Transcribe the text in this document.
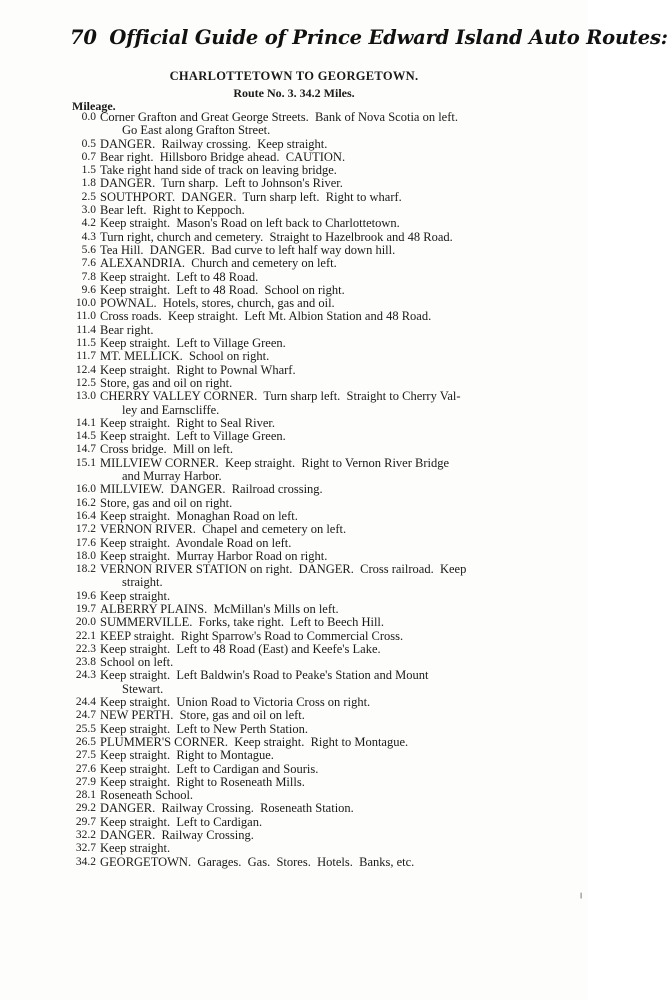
70 Official Guide of Prince Edward Island Auto Routes:
CHARLOTTETOWN TO GEORGETOWN.
Route No. 3. 34.2 Miles.
Mileage.
0.0 Corner Grafton and Great George Streets.  Bank of Nova Scotia on left.
Go East along Grafton Street.
0.5 DANGER.  Railway crossing.  Keep straight.
0.7 Bear right.  Hillsboro Bridge ahead.  CAUTION.
1.5 Take right hand side of track on leaving bridge.
1.8 DANGER.  Turn sharp.  Left to Johnson's River.
2.5 SOUTHPORT.  DANGER.  Turn sharp left.  Right to wharf.
3.0 Bear left.  Right to Keppoch.
4.2 Keep straight.  Mason's Road on left back to Charlottetown.
4.3 Turn right, church and cemetery.  Straight to Hazelbrook and 48 Road.
5.6 Tea Hill.  DANGER.  Bad curve to left half way down hill.
7.6 ALEXANDRIA.  Church and cemetery on left.
7.8 Keep straight.  Left to 48 Road.
9.6 Keep straight.  Left to 48 Road.  School on right.
10.0 POWNAL.  Hotels, stores, church, gas and oil.
11.0 Cross roads.  Keep straight.  Left Mt. Albion Station and 48 Road.
11.4 Bear right.
11.5 Keep straight.  Left to Village Green.
11.7 MT. MELLICK.  School on right.
12.4 Keep straight.  Right to Pownal Wharf.
12.5 Store, gas and oil on right.
13.0 CHERRY VALLEY CORNER.  Turn sharp left.  Straight to Cherry Val-
ley and Earnscliffe.
14.1 Keep straight.  Right to Seal River.
14.5 Keep straight.  Left to Village Green.
14.7 Cross bridge.  Mill on left.
15.1 MILLVIEW CORNER.  Keep straight.  Right to Vernon River Bridge
and Murray Harbor.
16.0 MILLVIEW.  DANGER.  Railroad crossing.
16.2 Store, gas and oil on right.
16.4 Keep straight.  Monaghan Road on left.
17.2 VERNON RIVER.  Chapel and cemetery on left.
17.6 Keep straight.  Avondale Road on left.
18.0 Keep straight.  Murray Harbor Road on right.
18.2 VERNON RIVER STATION on right.  DANGER.  Cross railroad.  Keep
straight.
19.6 Keep straight.
19.7 ALBERRY PLAINS.  McMillan's Mills on left.
20.0 SUMMERVILLE.  Forks, take right.  Left to Beech Hill.
22.1 KEEP straight.  Right Sparrow's Road to Commercial Cross.
22.3 Keep straight.  Left to 48 Road (East) and Keefe's Lake.
23.8 School on left.
24.3 Keep straight.  Left Baldwin's Road to Peake's Station and Mount
Stewart.
24.4 Keep straight.  Union Road to Victoria Cross on right.
24.7 NEW PERTH.  Store, gas and oil on left.
25.5 Keep straight.  Left to New Perth Station.
26.5 PLUMMER'S CORNER.  Keep straight.  Right to Montague.
27.5 Keep straight.  Right to Montague.
27.6 Keep straight.  Left to Cardigan and Souris.
27.9 Keep straight.  Right to Roseneath Mills.
28.1 Roseneath School.
29.2 DANGER.  Railway Crossing.  Roseneath Station.
29.7 Keep straight.  Left to Cardigan.
32.2 DANGER.  Railway Crossing.
32.7 Keep straight.
34.2 GEORGETOWN.  Garages.  Gas.  Stores.  Hotels.  Banks, etc.
╷
